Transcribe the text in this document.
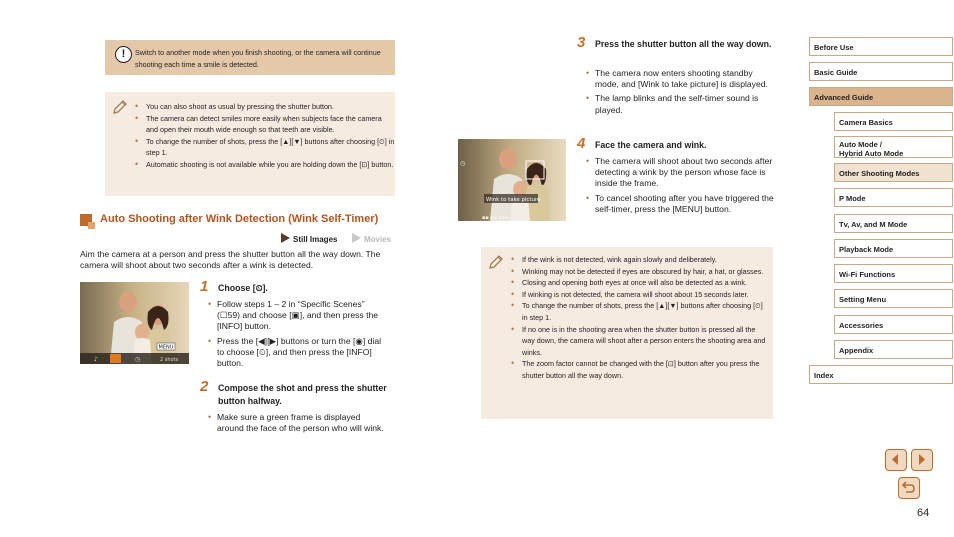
!	Switch to another mode when you finish shooting, or the camera will continue shooting each time a smile is detected.
• You can also shoot as usual by pressing the shutter button.
• The camera can detect smiles more easily when subjects face the camera and open their mouth wide enough so that teeth are visible.
• To change the number of shots, press the [▲][▼] buttons after choosing [⏲] in step 1.
• Automatic shooting is not available while you are holding down the [⊡] button.
Auto Shooting after Wink Detection (Wink Self-Timer)
Still Images	Movies
Aim the camera at a person and press the shutter button all the way down. The camera will shoot about two seconds after a wink is detected.
♪	◷	2 shots
MENU
Wink to take picture
◷
▪▪ ▪▪ ▪▪▪
1 Choose [⏲].
• Follow steps 1 – 2 in “Specific Scenes” (☐59) and choose [▣], and then press the [INFO] button.
• Press the [◀][▶] buttons or turn the [◉] dial to choose [⏲], and then press the [INFO] button.
2 Compose the shot and press the shutter button halfway.
• Make sure a green frame is displayed around the face of the person who will wink.
3 Press the shutter button all the way down.
• The camera now enters shooting standby mode, and [Wink to take picture] is displayed.
• The lamp blinks and the self-timer sound is played.
4 Face the camera and wink.
• The camera will shoot about two seconds after detecting a wink by the person whose face is inside the frame.
• To cancel shooting after you have triggered the self-timer, press the [MENU] button.
• If the wink is not detected, wink again slowly and deliberately.
• Winking may not be detected if eyes are obscured by hair, a hat, or glasses.
• Closing and opening both eyes at once will also be detected as a wink.
• If winking is not detected, the camera will shoot about 15 seconds later.
• To change the number of shots, press the [▲][▼] buttons after choosing [⏲] in step 1.
• If no one is in the shooting area when the shutter button is pressed all the way down, the camera will shoot after a person enters the shooting area and winks.
• The zoom factor cannot be changed with the [⊡] button after you press the shutter button all the way down.
Before Use
Basic Guide
Advanced Guide
Camera Basics
Auto Mode /
Hybrid Auto Mode
Other Shooting Modes
P Mode
Tv, Av, and M Mode
Playback Mode
Wi-Fi Functions
Setting Menu
Accessories
Appendix
Index
64
